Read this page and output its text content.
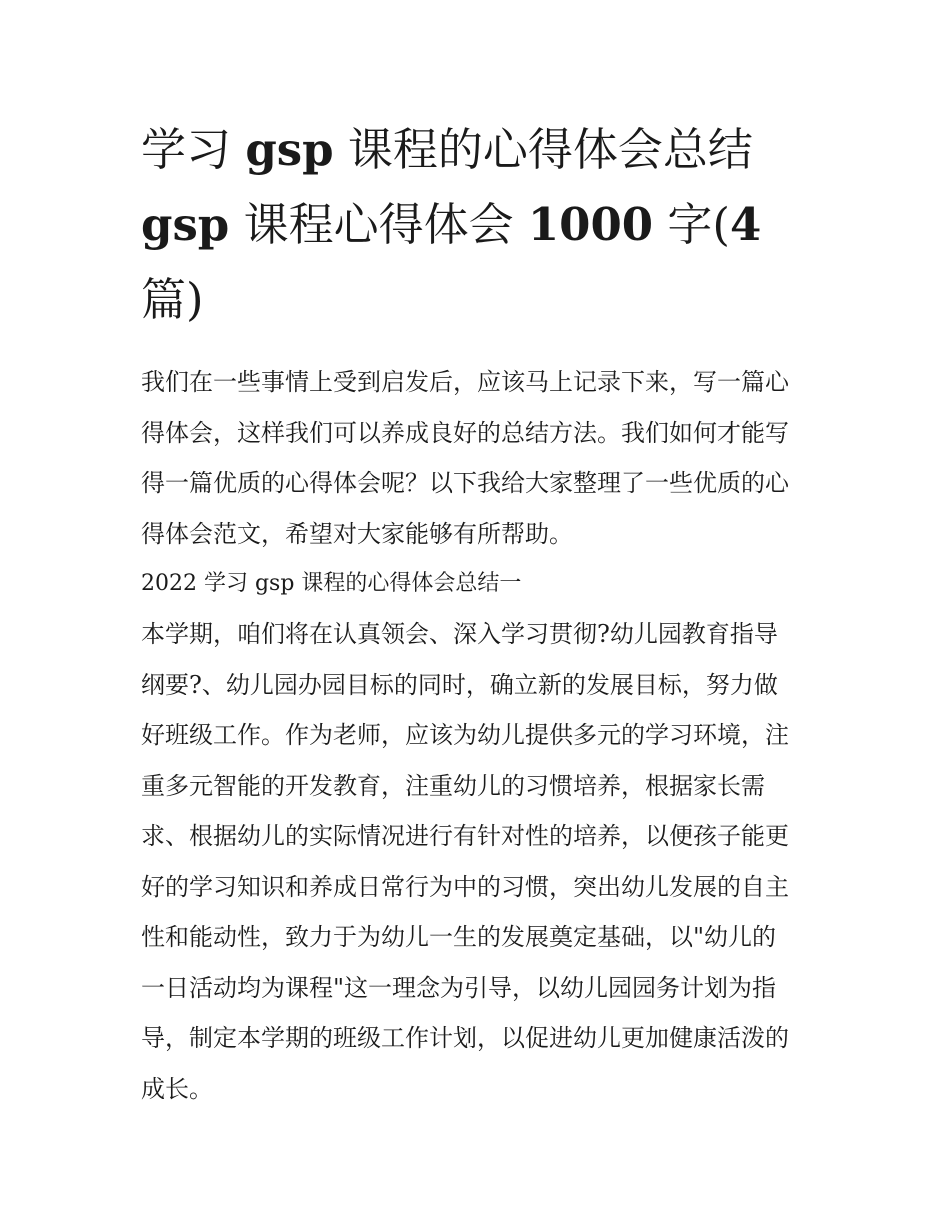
学习 gsp 课程的心得体会总结
gsp 课程心得体会 1000 字(4
篇)
我们在一些事情上受到启发后，应该马上记录下来，写一篇心
得体会，这样我们可以养成良好的总结方法。我们如何才能写
得一篇优质的心得体会呢？以下我给大家整理了一些优质的心
得体会范文，希望对大家能够有所帮助。
2022 学习 gsp 课程的心得体会总结一
本学期，咱们将在认真领会、深入学习贯彻?幼儿园教育指导
纲要?、幼儿园办园目标的同时，确立新的发展目标，努力做
好班级工作。作为老师，应该为幼儿提供多元的学习环境，注
重多元智能的开发教育，注重幼儿的习惯培养，根据家长需
求、根据幼儿的实际情况进行有针对性的培养，以便孩子能更
好的学习知识和养成日常行为中的习惯，突出幼儿发展的自主
性和能动性，致力于为幼儿一生的发展奠定基础，以"幼儿的
一日活动均为课程"这一理念为引导，以幼儿园园务计划为指
导，制定本学期的班级工作计划，以促进幼儿更加健康活泼的
成长。
